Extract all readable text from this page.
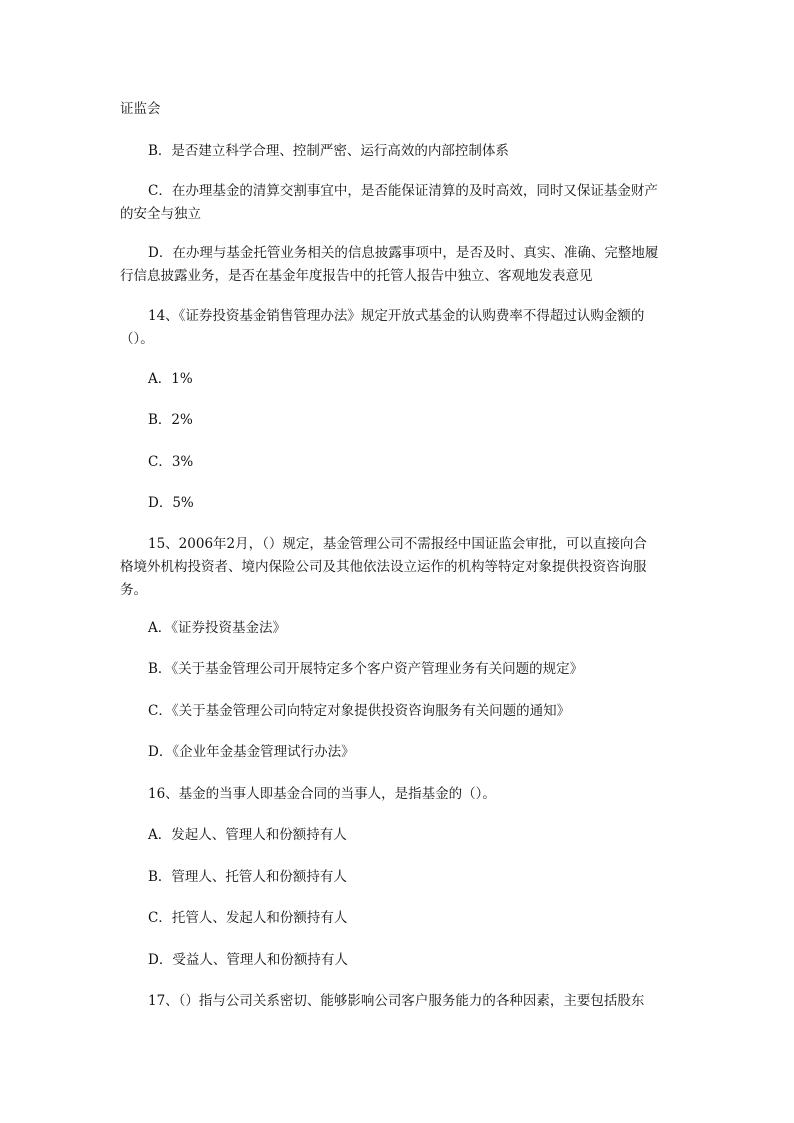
证监会

B．是否建立科学合理、控制严密、运行高效的内部控制体系

C．在办理基金的清算交割事宜中，是否能保证清算的及时高效，同时又保证基金财产
的安全与独立

D．在办理与基金托管业务相关的信息披露事项中，是否及时、真实、准确、完整地履
行信息披露业务，是否在基金年度报告中的托管人报告中独立、客观地发表意见

14、《证券投资基金销售管理办法》规定开放式基金的认购费率不得超过认购金额的
（）。

A．1%

B．2%

C．3%

D．5%

15、2006年2月，（）规定，基金管理公司不需报经中国证监会审批，可以直接向合
格境外机构投资者、境内保险公司及其他依法设立运作的机构等特定对象提供投资咨询服
务。

A．《证券投资基金法》

B．《关于基金管理公司开展特定多个客户资产管理业务有关问题的规定》

C．《关于基金管理公司向特定对象提供投资咨询服务有关问题的通知》

D．《企业年金基金管理试行办法》

16、基金的当事人即基金合同的当事人，是指基金的（）。

A．发起人、管理人和份额持有人

B．管理人、托管人和份额持有人

C．托管人、发起人和份额持有人

D．受益人、管理人和份额持有人

17、（）指与公司关系密切、能够影响公司客户服务能力的各种因素，主要包括股东
